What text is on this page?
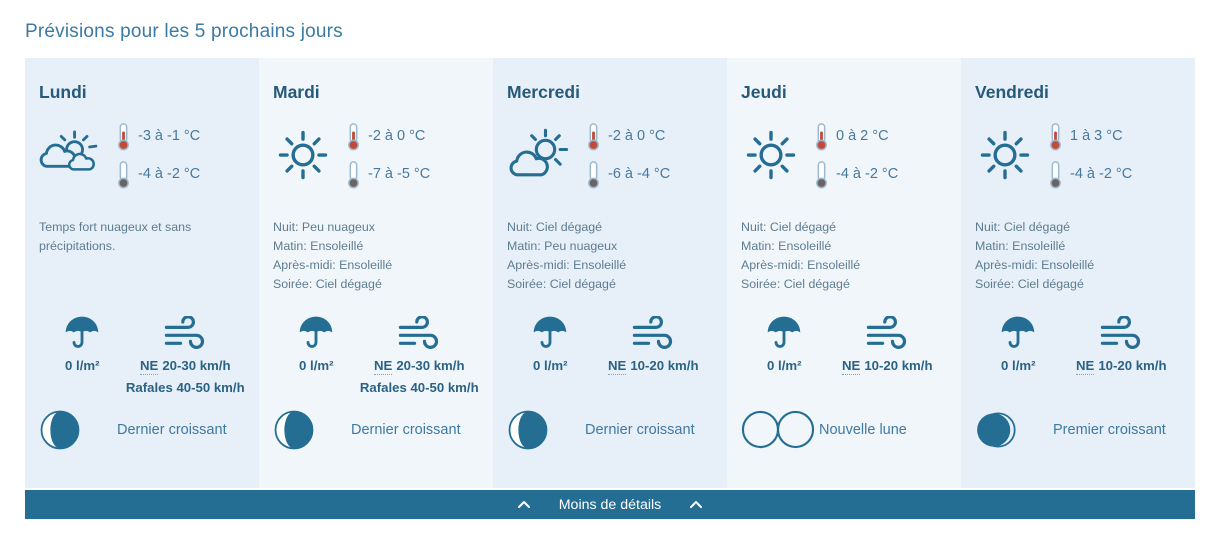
Prévisions pour les 5 prochains jours
Lundi
-3 à -1 °C
-4 à -2 °C
Temps fort nuageux et sans précipitations.
0 l/m²	NE 20-30 km/h
Rafales 40-50 km/h
Dernier croissant
Mardi
-2 à 0 °C
-7 à -5 °C
Nuit: Peu nuageux
Matin: Ensoleillé
Après-midi: Ensoleillé
Soirée: Ciel dégagé
0 l/m²	NE 20-30 km/h
Rafales 40-50 km/h
Dernier croissant
Mercredi
-2 à 0 °C
-6 à -4 °C
Nuit: Ciel dégagé
Matin: Peu nuageux
Après-midi: Ensoleillé
Soirée: Ciel dégagé
0 l/m²	NE 10-20 km/h
Dernier croissant
Jeudi
0 à 2 °C
-4 à -2 °C
Nuit: Ciel dégagé
Matin: Ensoleillé
Après-midi: Ensoleillé
Soirée: Ciel dégagé
0 l/m²	NE 10-20 km/h
Nouvelle lune
Vendredi
1 à 3 °C
-4 à -2 °C
Nuit: Ciel dégagé
Matin: Ensoleillé
Après-midi: Ensoleillé
Soirée: Ciel dégagé
0 l/m²	NE 10-20 km/h
Premier croissant
Moins de détails
